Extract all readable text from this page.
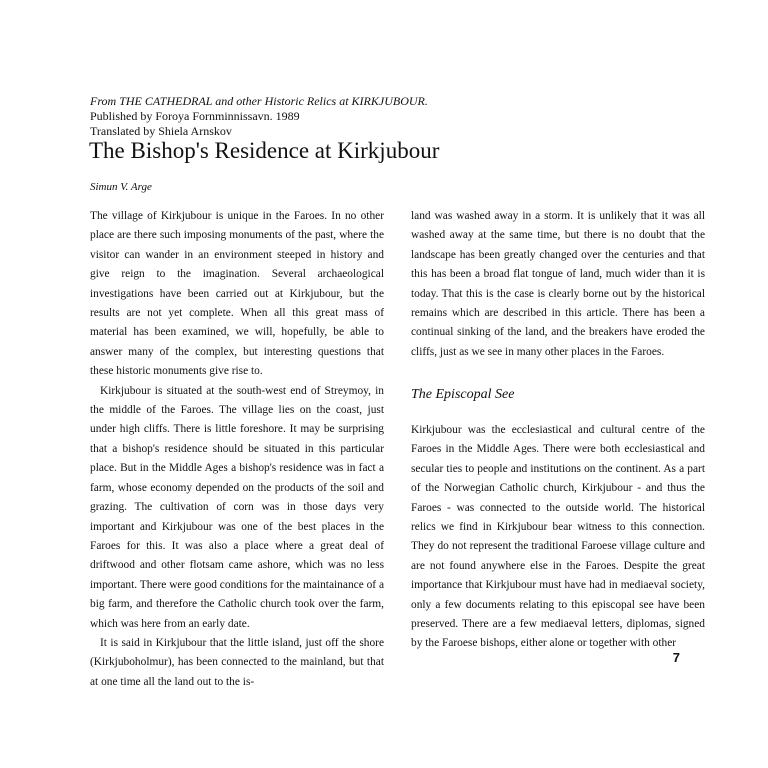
From THE CATHEDRAL and other Historic Relics at KIRKJUBOUR.
Published by Foroya Fornminnissavn. 1989
Translated by Shiela Arnskov
The Bishop's Residence at Kirkjubour
Simun V. Arge

The village of Kirkjubour is unique in the Faroes. In no other place are there such imposing monuments of the past, where the visitor can wander in an environment steeped in history and give reign to the imagination. Several archaeological investigations have been carried out at Kirkjubour, but the results are not yet complete. When all this great mass of material has been examined, we will, hopefully, be able to answer many of the complex, but interesting questions that these historic monuments give rise to.

Kirkjubour is situated at the south-west end of Streymoy, in the middle of the Faroes. The village lies on the coast, just under high cliffs. There is little foreshore. It may be surprising that a bishop's residence should be situated in this particular place. But in the Middle Ages a bishop's residence was in fact a farm, whose economy depended on the products of the soil and grazing. The cultivation of corn was in those days very important and Kirkjubour was one of the best places in the Faroes for this. It was also a place where a great deal of driftwood and other flotsam came ashore, which was no less important. There were good conditions for the maintainance of a big farm, and therefore the Catholic church took over the farm, which was here from an early date.

It is said in Kirkjubour that the little island, just off the shore (Kirkjuboholmur), has been connected to the mainland, but that at one time all the land out to the is-

land was washed away in a storm. It is unlikely that it was all washed away at the same time, but there is no doubt that the landscape has been greatly changed over the centuries and that this has been a broad flat tongue of land, much wider than it is today. That this is the case is clearly borne out by the historical remains which are described in this article. There has been a continual sinking of the land, and the breakers have eroded the cliffs, just as we see in many other places in the Faroes.

The Episcopal See

Kirkjubour was the ecclesiastical and cultural centre of the Faroes in the Middle Ages. There were both ecclesiastical and secular ties to people and institutions on the continent. As a part of the Norwegian Catholic church, Kirkjubour - and thus the Faroes - was connected to the outside world. The historical relics we find in Kirkjubour bear witness to this connection. They do not represent the traditional Faroese village culture and are not found anywhere else in the Faroes. Despite the great importance that Kirkjubour must have had in mediaeval society, only a few documents relating to this episcopal see have been preserved. There are a few mediaeval letters, diplomas, signed by the Faroese bishops, either alone or together with other

7
